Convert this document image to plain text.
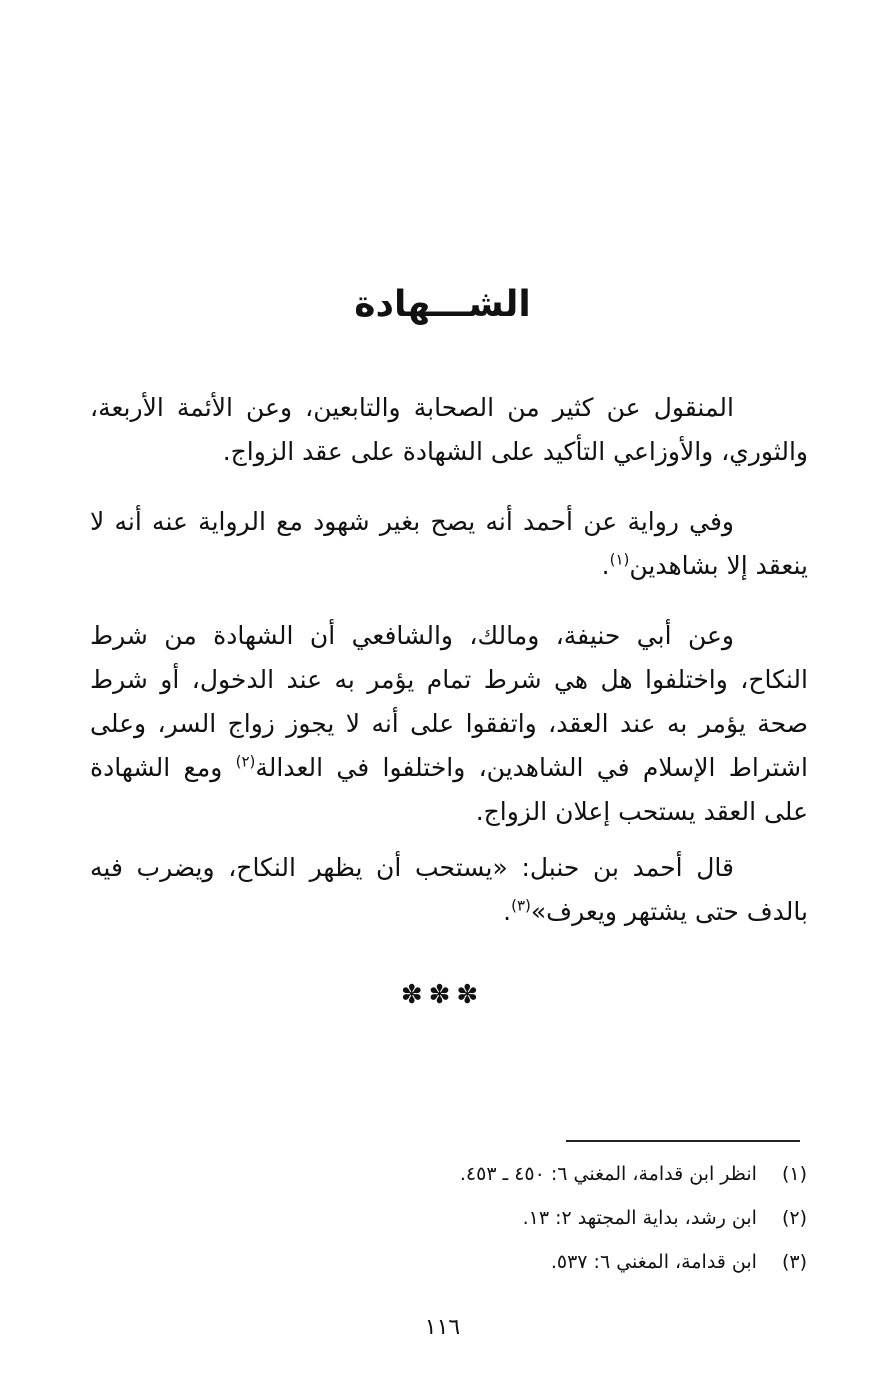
الشـــهادة

المنقول عن كثير من الصحابة والتابعين، وعن الأئمة الأربعة، والثوري، والأوزاعي التأكيد على الشهادة على عقد الزواج.

وفي رواية عن أحمد أنه يصح بغير شهود مع الرواية عنه أنه لا ينعقد إلا بشاهدين$^{(١)}$.

وعن أبي حنيفة، ومالك، والشافعي أن الشهادة من شرط النكاح، واختلفوا هل هي شرط تمام يؤمر به عند الدخول، أو شرط صحة يؤمر به عند العقد، واتفقوا على أنه لا يجوز زواج السر، وعلى اشتراط الإسلام في الشاهدين، واختلفوا في العدالة$^{(٢)}$ ومع الشهادة على العقد يستحب إعلان الزواج.

قال أحمد بن حنبل: «يستحب أن يظهر النكاح، ويضرب فيه بالدف حتى يشتهر ويعرف»$^{(٣)}$.

✽✽✽
(١) انظر ابن قدامة، المغني ٦: ٤٥٠ ـ ٤٥٣.
(٢) ابن رشد، بداية المجتهد ٢: ١٣.
(٣) ابن قدامة، المغني ٦: ٥٣٧.
١١٦
